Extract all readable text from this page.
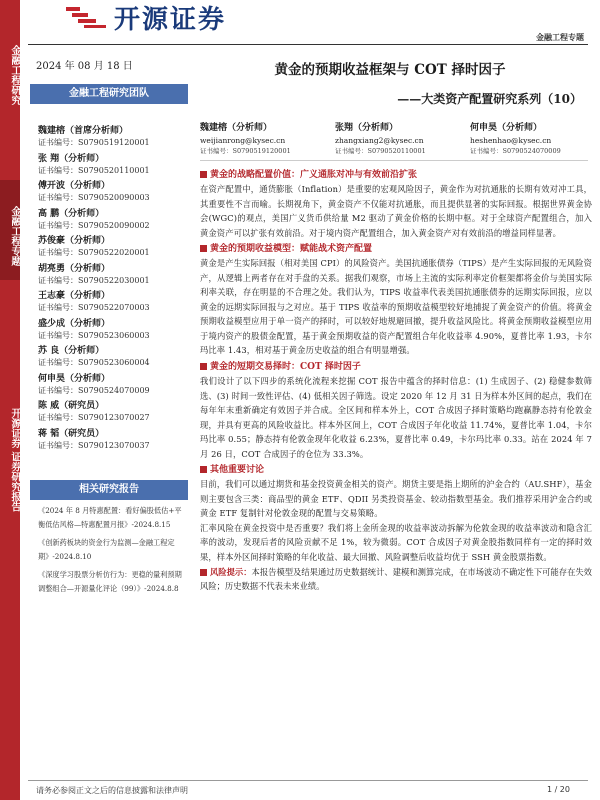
金融工程研究
金融工程专题
开源证券 证券研究报告
开源证券
金融工程专题
2024 年 08 月 18 日
金融工程研究团队
魏建榕（首席分析师）
证书编号：S0790519120001
张 翔（分析师）
证书编号：S0790520110001
傅开波（分析师）
证书编号：S0790520090003
高 鹏（分析师）
证书编号：S0790520090002
苏俊豪（分析师）
证书编号：S0790522020001
胡亮勇（分析师）
证书编号：S0790522030001
王志豪（分析师）
证书编号：S0790522070003
盛少成（分析师）
证书编号：S0790523060003
苏 良（分析师）
证书编号：S0790523060004
何申昊（分析师）
证书编号：S0790524070009
陈 威（研究员）
证书编号：S0790123070027
蒋 韬（研究员）
证书编号：S0790123070037
相关研究报告

《2024 年 8 月特惠配置：看好偏股低估+平衡低估风格—特惠配置月报》-2024.8.15

《创新药板块的资金行为监测—金融工程定期》-2024.8.10

《深度学习股票分析仿行为：更稳的量利预期调整组合—开源量化评论（99）》-2024.8.8

黄金的预期收益框架与 COT 择时因子
——大类资产配置研究系列（10）
魏建榕（分析师）
weijianrong@kysec.cn
证书编号：S0790519120001
张翔（分析师）
zhangxiang2@kysec.cn
证书编号：S0790520110001
何申昊（分析师）
heshenhao@kysec.cn
证书编号：S0790524070009
黄金的战略配置价值：广义通胀对冲与有效前沿扩张

在资产配置中，通货膨胀（Inflation）是重要的宏观风险因子，黄金作为对抗通胀的长期有效对冲工具，其重要性不言而喻。长期视角下，黄金资产不仅能对抗通胀，而且提供显著的实际回报。根据世界黄金协会(WGC)的观点，美国广义货币供给量 M2 驱动了黄金价格的长期中枢。对于全球资产配置组合，加入黄金资产可以扩张有效前沿。对于境内资产配置组合，加入黄金资产对有效前沿的增益同样显著。

黄金的预期收益模型：赋能战术资产配置

黄金是产生实际回报（相对美国 CPI）的风险资产。美国抗通胀债券（TIPS）是产生实际回报的无风险资产，从逻辑上两者存在对手盘的关系。据我们观察，市场上主流的实际利率定价框架都将金价与美国实际利率关联，存在明显的不合理之处。我们认为，TIPS 收益率代表美国抗通胀债券的远期实际回报，应以黄金的远期实际回报与之对应。基于 TIPS 收益率的预期收益模型较好地捕捉了黄金资产的价值。将黄金预期收益模型应用于单一资产的择时，可以较好地规避回撤，提升收益风险比。将黄金预期收益模型应用于境内资产的股债金配置，基于黄金预期收益的资产配置组合年化收益率 4.90%，夏普比率 1.93，卡尔玛比率 1.43，相对基于黄金历史收益的组合有明显增强。

黄金的短期交易择时：COT 择时因子

我们设计了以下四步的系统化流程来挖掘 COT 报告中蕴含的择时信息：(1) 生成因子、(2) 稳健参数筛选、(3) 时间一致性评估、(4) 低相关因子筛选。设定 2020 年 12 月 31 日为样本外区间的起点，我们在每年年末重新确定有效因子并合成。全区间和样本外上，COT 合成因子择时策略均跑赢静态持有伦敦金现，并具有更高的风险收益比。样本外区间上，COT 合成因子年化收益 11.74%，夏普比率 1.04，卡尔玛比率 0.55；静态持有伦敦金现年化收益 6.23%，夏普比率 0.49，卡尔玛比率 0.33。站在 2024 年 7 月 26 日，COT 合成因子的仓位为 33.3%。

其他重要讨论

目前，我们可以通过期货和基金投资黄金相关的资产。期货主要是指上期所的沪金合约（AU.SHF），基金则主要包含三类：商品型的黄金 ETF、QDII 另类投资基金、较动指数型基金。我们推荐采用沪金合约或黄金 ETF 复制针对伦敦金现的配置与交易策略。

汇率风险在黄金投资中是否重要？我们将上金所金现的收益率波动拆解为伦敦金现的收益率波动和隐含汇率的波动，发现后者的风险贡献不足 1%，较为微弱。COT 合成因子对黄金股指数同样有一定的择时效果，样本外区间择时策略的年化收益、最大回撤、风险调整后收益均优于 SSH 黄金股票指数。

风险提示：本报告模型及结果通过历史数据统计、建模和测算完成，在市场波动不确定性下可能存在失效风险；历史数据不代表未来业绩。
请务必参阅正文之后的信息披露和法律声明	1 / 20
